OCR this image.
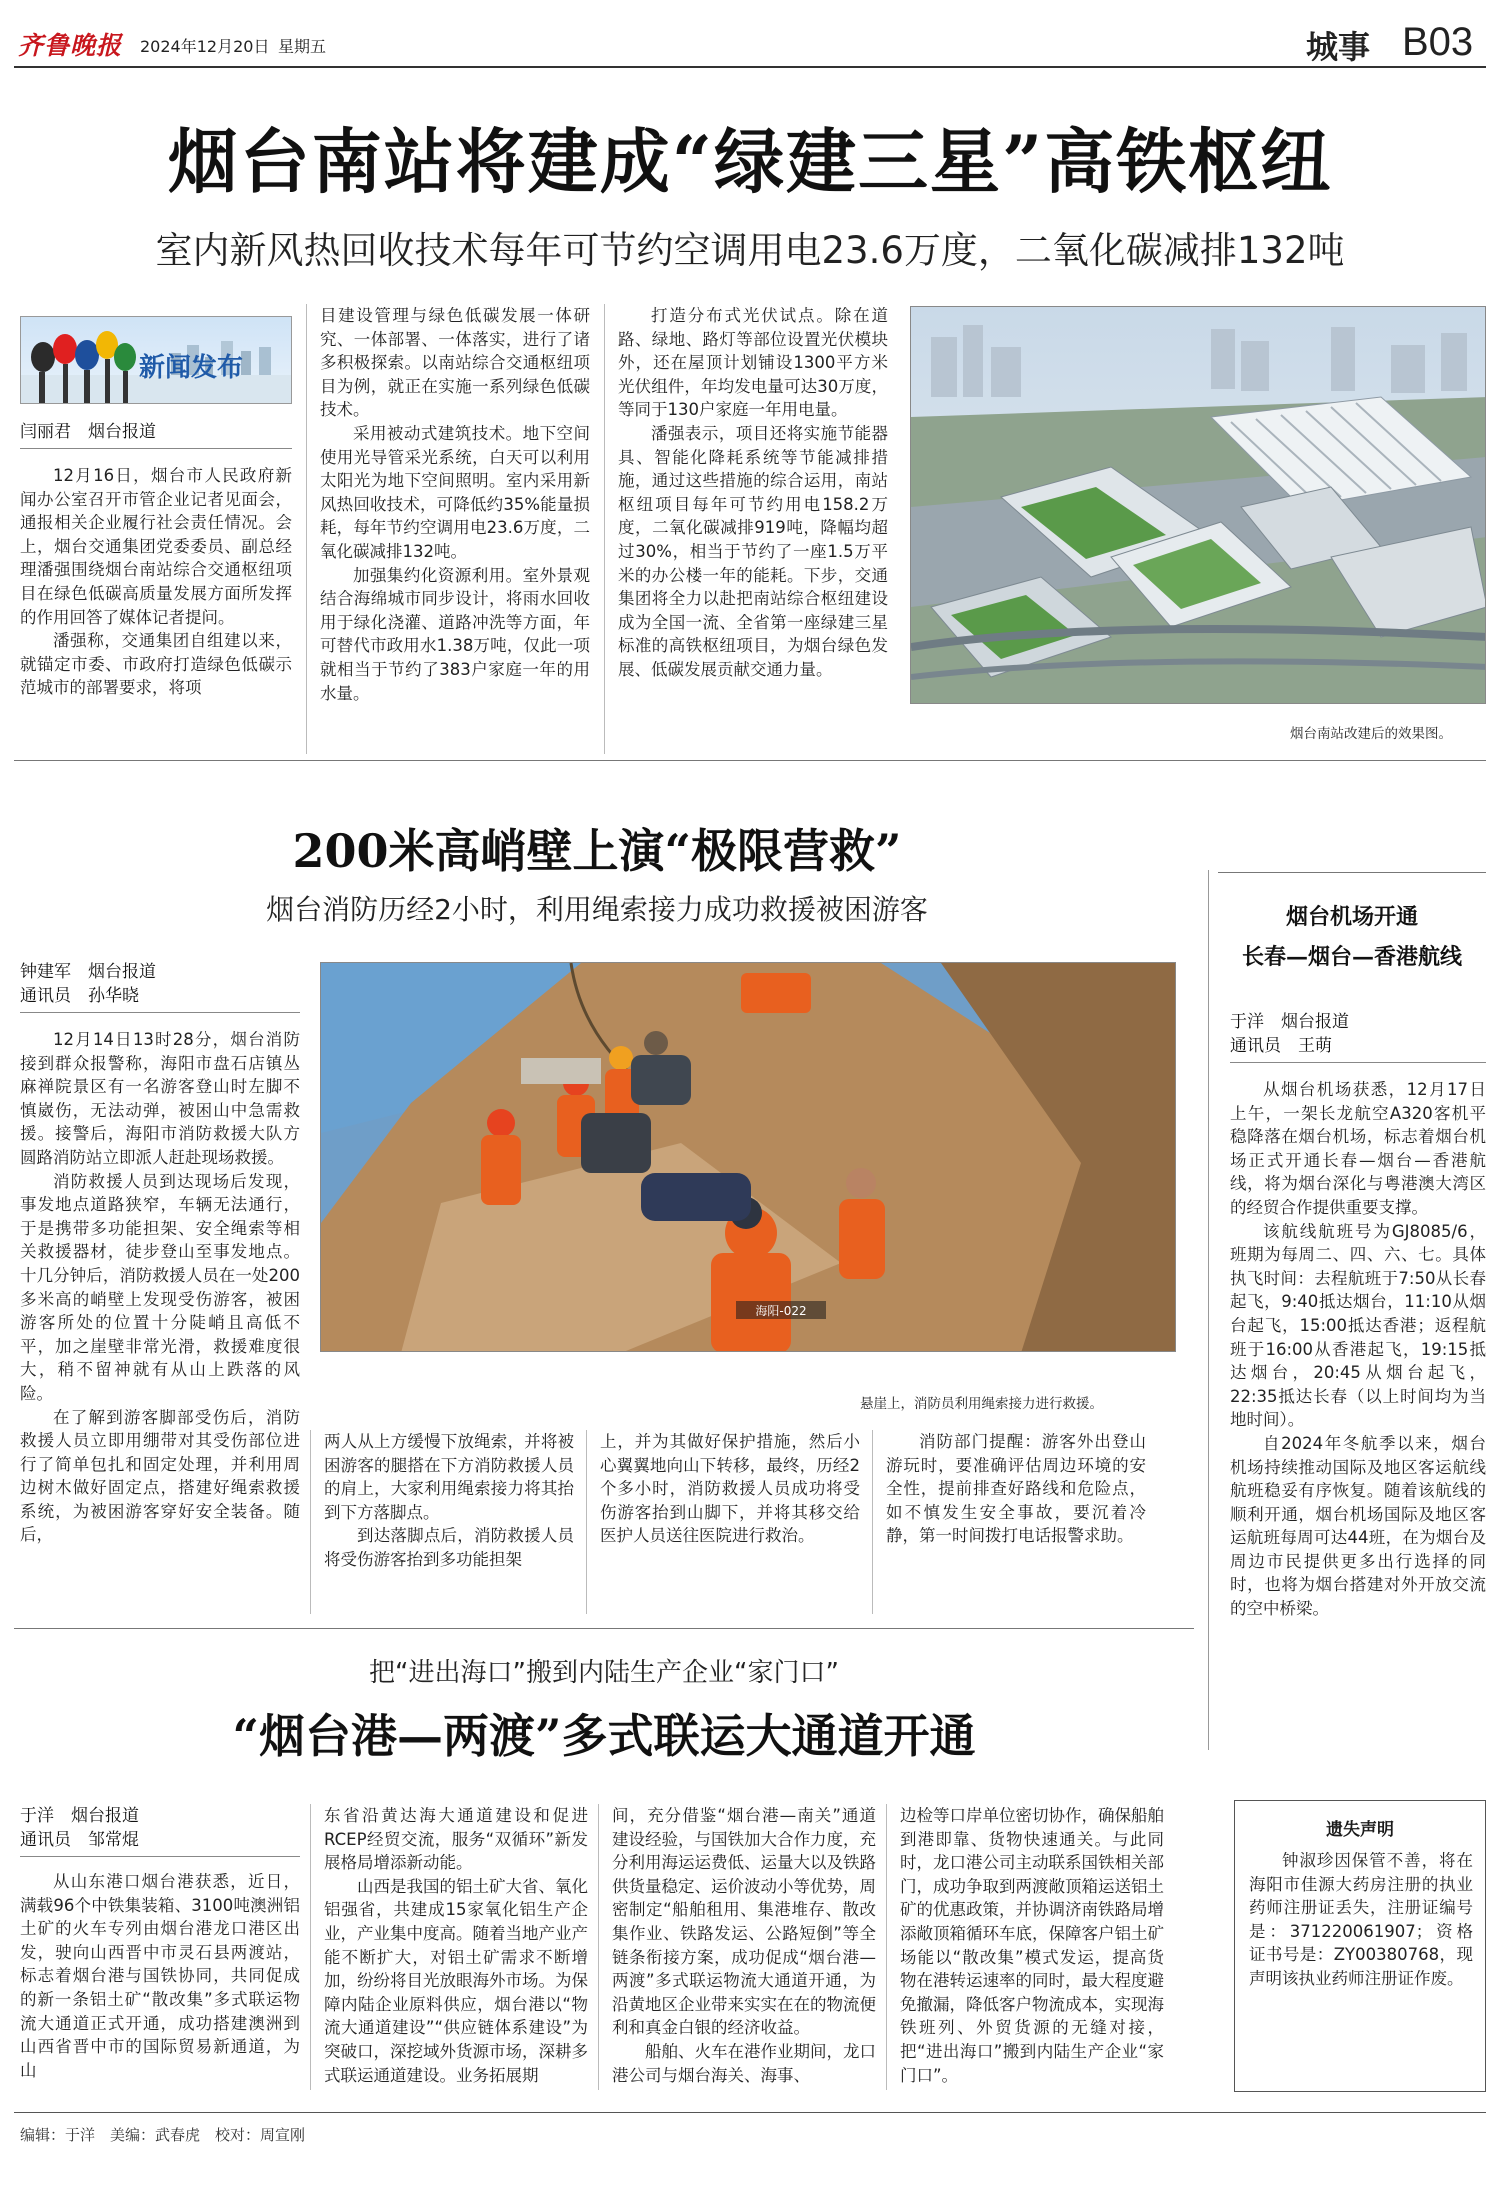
齐鲁晚报 2024年12月20日 星期五	城事 B03
烟台南站将建成“绿建三星”高铁枢纽
室内新风热回收技术每年可节约空调用电23.6万度，二氧化碳减排132吨
新闻发布
闫丽君　烟台报道

12月16日，烟台市人民政府新闻办公室召开市管企业记者见面会，通报相关企业履行社会责任情况。会上，烟台交通集团党委委员、副总经理潘强围绕烟台南站综合交通枢纽项目在绿色低碳高质量发展方面所发挥的作用回答了媒体记者提问。

潘强称，交通集团自组建以来，就锚定市委、市政府打造绿色低碳示范城市的部署要求，将项

目建设管理与绿色低碳发展一体研究、一体部署、一体落实，进行了诸多积极探索。以南站综合交通枢纽项目为例，就正在实施一系列绿色低碳技术。

采用被动式建筑技术。地下空间使用光导管采光系统，白天可以利用太阳光为地下空间照明。室内采用新风热回收技术，可降低约35%能量损耗，每年节约空调用电23.6万度，二氧化碳减排132吨。

加强集约化资源利用。室外景观结合海绵城市同步设计，将雨水回收用于绿化浇灌、道路冲洗等方面，年可替代市政用水1.38万吨，仅此一项就相当于节约了383户家庭一年的用水量。

打造分布式光伏试点。除在道路、绿地、路灯等部位设置光伏模块外，还在屋顶计划铺设1300平方米光伏组件，年均发电量可达30万度，等同于130户家庭一年用电量。

潘强表示，项目还将实施节能器具、智能化降耗系统等节能减排措施，通过这些措施的综合运用，南站枢纽项目每年可节约用电158.2万度，二氧化碳减排919吨，降幅均超过30%，相当于节约了一座1.5万平米的办公楼一年的能耗。下步，交通集团将全力以赴把南站综合枢纽建设成为全国一流、全省第一座绿建三星标准的高铁枢纽项目，为烟台绿色发展、低碳发展贡献交通力量。

烟台南站改建后的效果图。
200米高峭壁上演“极限营救”
烟台消防历经2小时，利用绳索接力成功救援被困游客
钟建军　烟台报道
通讯员　孙华晓

12月14日13时28分，烟台消防接到群众报警称，海阳市盘石店镇丛麻禅院景区有一名游客登山时左脚不慎崴伤，无法动弹，被困山中急需救援。接警后，海阳市消防救援大队方圆路消防站立即派人赶赴现场救援。

消防救援人员到达现场后发现，事发地点道路狭窄，车辆无法通行，于是携带多功能担架、安全绳索等相关救援器材，徒步登山至事发地点。十几分钟后，消防救援人员在一处200多米高的峭壁上发现受伤游客，被困游客所处的位置十分陡峭且高低不平，加之崖壁非常光滑，救援难度很大，稍不留神就有从山上跌落的风险。

在了解到游客脚部受伤后，消防救援人员立即用绷带对其受伤部位进行了简单包扎和固定处理，并利用周边树木做好固定点，搭建好绳索救援系统，为被困游客穿好安全装备。随后，

海阳-022
悬崖上，消防员利用绳索接力进行救援。

两人从上方缓慢下放绳索，并将被困游客的腿搭在下方消防救援人员的肩上，大家利用绳索接力将其抬到下方落脚点。

到达落脚点后，消防救援人员将受伤游客抬到多功能担架

上，并为其做好保护措施，然后小心翼翼地向山下转移，最终，历经2个多小时，消防救援人员成功将受伤游客抬到山脚下，并将其移交给医护人员送往医院进行救治。

消防部门提醒：游客外出登山游玩时，要准确评估周边环境的安全性，提前排查好路线和危险点，如不慎发生安全事故，要沉着冷静，第一时间拨打电话报警求助。

烟台机场开通
长春—烟台—香港航线
于洋　烟台报道
通讯员　王萌

从烟台机场获悉，12月17日上午，一架长龙航空A320客机平稳降落在烟台机场，标志着烟台机场正式开通长春—烟台—香港航线，将为烟台深化与粤港澳大湾区的经贸合作提供重要支撑。

该航线航班号为GJ8085/6，班期为每周二、四、六、七。具体执飞时间：去程航班于7:50从长春起飞，9:40抵达烟台，11:10从烟台起飞，15:00抵达香港；返程航班于16:00从香港起飞，19:15抵达烟台，20:45从烟台起飞，22:35抵达长春（以上时间均为当地时间）。

自2024年冬航季以来，烟台机场持续推动国际及地区客运航线航班稳妥有序恢复。随着该航线的顺利开通，烟台机场国际及地区客运航班每周可达44班，在为烟台及周边市民提供更多出行选择的同时，也将为烟台搭建对外开放交流的空中桥梁。

把“进出海口”搬到内陆生产企业“家门口”
“烟台港—两渡”多式联运大通道开通
于洋　烟台报道
通讯员　邹常焜

从山东港口烟台港获悉，近日，满载96个中铁集装箱、3100吨澳洲铝土矿的火车专列由烟台港龙口港区出发，驶向山西晋中市灵石县两渡站，标志着烟台港与国铁协同，共同促成的新一条铝土矿“散改集”多式联运物流大通道正式开通，成功搭建澳洲到山西省晋中市的国际贸易新通道，为山

东省沿黄达海大通道建设和促进RCEP经贸交流，服务“双循环”新发展格局增添新动能。

山西是我国的铝土矿大省、氧化铝强省，共建成15家氧化铝生产企业，产业集中度高。随着当地产业产能不断扩大，对铝土矿需求不断增加，纷纷将目光放眼海外市场。为保障内陆企业原料供应，烟台港以“物流大通道建设”“供应链体系建设”为突破口，深挖域外货源市场，深耕多式联运通道建设。业务拓展期

间，充分借鉴“烟台港—南关”通道建设经验，与国铁加大合作力度，充分利用海运运费低、运量大以及铁路供货量稳定、运价波动小等优势，周密制定“船舶租用、集港堆存、散改集作业、铁路发运、公路短倒”等全链条衔接方案，成功促成“烟台港—两渡”多式联运物流大通道开通，为沿黄地区企业带来实实在在的物流便利和真金白银的经济收益。

船舶、火车在港作业期间，龙口港公司与烟台海关、海事、

边检等口岸单位密切协作，确保船舶到港即靠、货物快速通关。与此同时，龙口港公司主动联系国铁相关部门，成功争取到两渡敞顶箱运送铝土矿的优惠政策，并协调济南铁路局增添敞顶箱循环车底，保障客户铝土矿场能以“散改集”模式发运，提高货物在港转运速率的同时，最大程度避免撤漏，降低客户物流成本，实现海铁班列、外贸货源的无缝对接，把“进出海口”搬到内陆生产企业“家门口”。

遗失声明
钟淑珍因保管不善，将在海阳市佳源大药房注册的执业药师注册证丢失，注册证编号是：371220061907；资格证书号是：ZY00380768，现声明该执业药师注册证作废。
编辑：于洋　美编：武春虎　校对：周宣刚
